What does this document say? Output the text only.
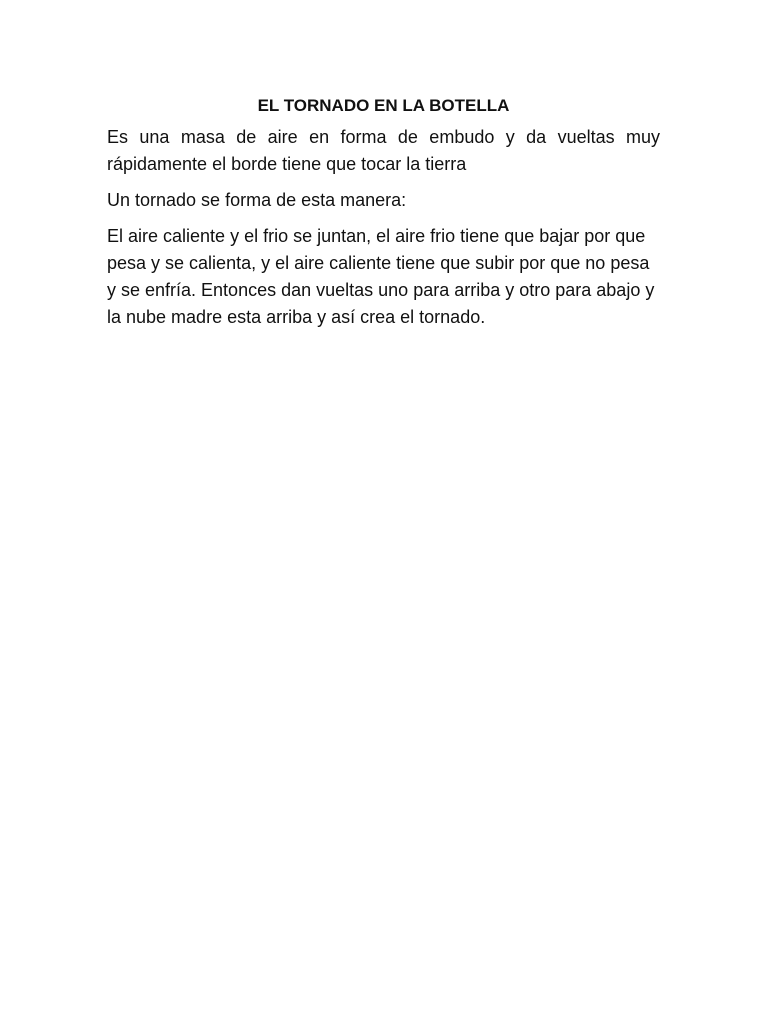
EL TORNADO EN LA BOTELLA
Es una masa de aire en forma de embudo y da vueltas muy rápidamente el borde tiene que tocar la tierra
Un tornado se forma de esta manera:
El aire caliente y el frio se juntan, el aire frio tiene que bajar por que pesa y se calienta, y el aire caliente tiene que subir por que no pesa y se enfría. Entonces dan vueltas uno para arriba y otro para abajo y la nube madre esta arriba y así crea el tornado.
